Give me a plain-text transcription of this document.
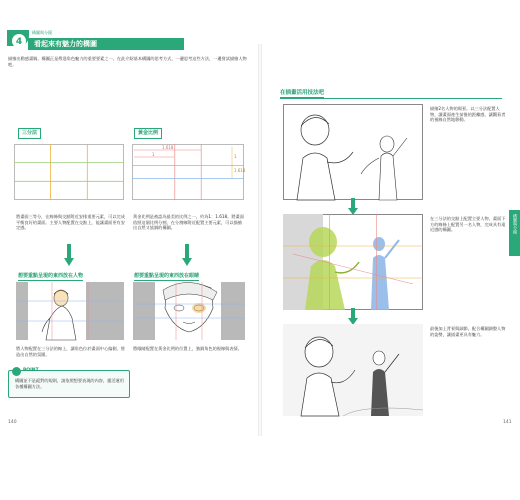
4
構圖與分鏡
看起來有魅力的構圖
描繪出動感畫稿，構圖正是傳達角色魅力的重要要素之一。在此介紹基本構圖的思考方式，一邊思考這些方法，一邊嘗試描繪人物吧。
三分法	黃金比例
1.618
1	1
1.618
將畫面三等分，在線條與交點附近安排重要元素，可以完成平衡良好的畫面。主要人物配置在交點上，能讓畫面更有安定感。
黃金比例是被認為最美的比例之一，約為1：1.618。將畫面依照這個比例分割，在分割線附近配置主要元素，可以描繪出自然又協調的構圖。
想要重點呈現的東西放在人物	想要重點呈現的東西放在眼睛
將人物配置在三分法的線上，讓角色位於畫面中心偏側，營造出自然的氛圍。
將眼睛配置在黃金比例的位置上，強調角色的視線與表情。
POINT
構圖並不是絕對的規則，請依照想要表現的內容，靈活運用各種構圖方法。
140
在插畫活用技法吧
描繪2名人物的場景。以三分法配置人物，讓畫面產生前後的距離感，讓觀看者的視線自然地移動。
在三分法的交點上配置主要人物，畫面下方的線條上配置另一名人物，完成具有遠近感的構圖。
最後加上背景與細節。配合構圖調整人物的姿勢，讓插畫更具有魅力。
構圖與分鏡
141
